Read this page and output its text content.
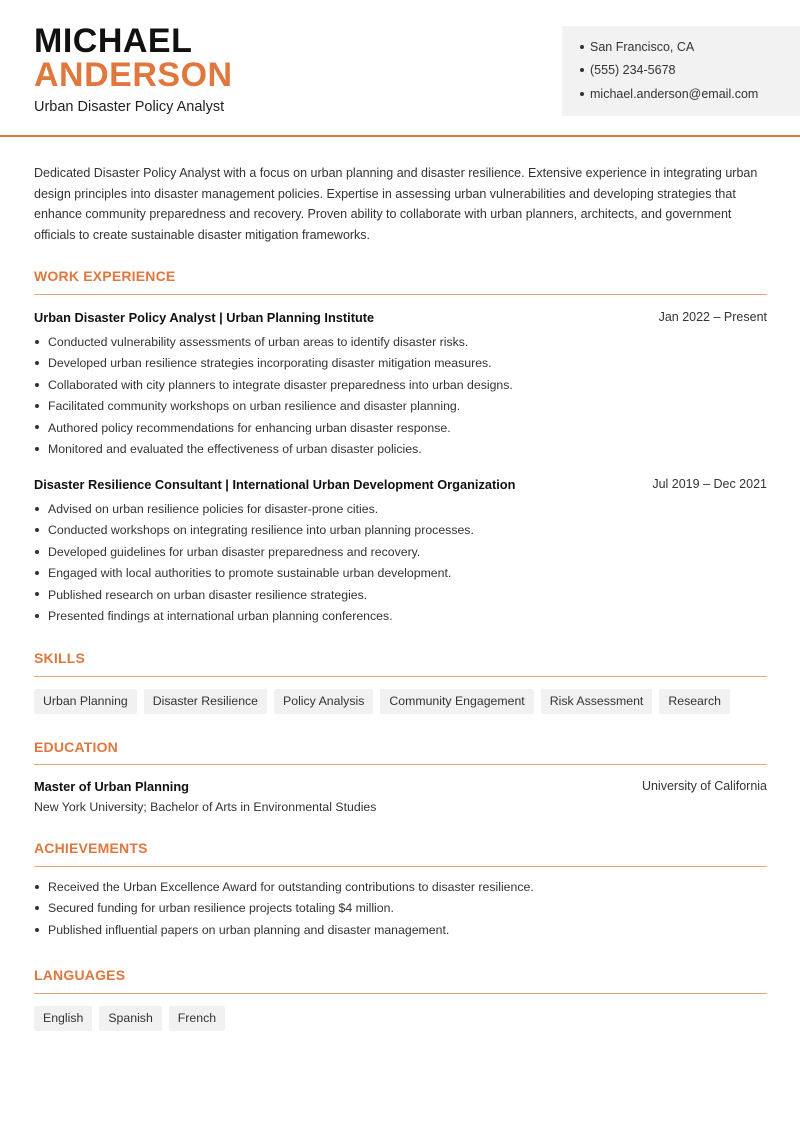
MICHAEL
ANDERSON
Urban Disaster Policy Analyst
San Francisco, CA
(555) 234-5678
michael.anderson@email.com

Dedicated Disaster Policy Analyst with a focus on urban planning and disaster resilience. Extensive experience in integrating urban design principles into disaster management policies. Expertise in assessing urban vulnerabilities and developing strategies that enhance community preparedness and recovery. Proven ability to collaborate with urban planners, architects, and government officials to create sustainable disaster mitigation frameworks.

WORK EXPERIENCE
Urban Disaster Policy Analyst | Urban Planning Institute	Jan 2022 – Present
Conducted vulnerability assessments of urban areas to identify disaster risks.
Developed urban resilience strategies incorporating disaster mitigation measures.
Collaborated with city planners to integrate disaster preparedness into urban designs.
Facilitated community workshops on urban resilience and disaster planning.
Authored policy recommendations for enhancing urban disaster response.
Monitored and evaluated the effectiveness of urban disaster policies.
Disaster Resilience Consultant | International Urban Development Organization	Jul 2019 – Dec 2021
Advised on urban resilience policies for disaster-prone cities.
Conducted workshops on integrating resilience into urban planning processes.
Developed guidelines for urban disaster preparedness and recovery.
Engaged with local authorities to promote sustainable urban development.
Published research on urban disaster resilience strategies.
Presented findings at international urban planning conferences.
SKILLS
Urban Planning	Disaster Resilience	Policy Analysis	Community Engagement	Risk Assessment	Research
EDUCATION
Master of Urban Planning	University of California
New York University; Bachelor of Arts in Environmental Studies
ACHIEVEMENTS
Received the Urban Excellence Award for outstanding contributions to disaster resilience.
Secured funding for urban resilience projects totaling $4 million.
Published influential papers on urban planning and disaster management.
LANGUAGES
English	Spanish	French
